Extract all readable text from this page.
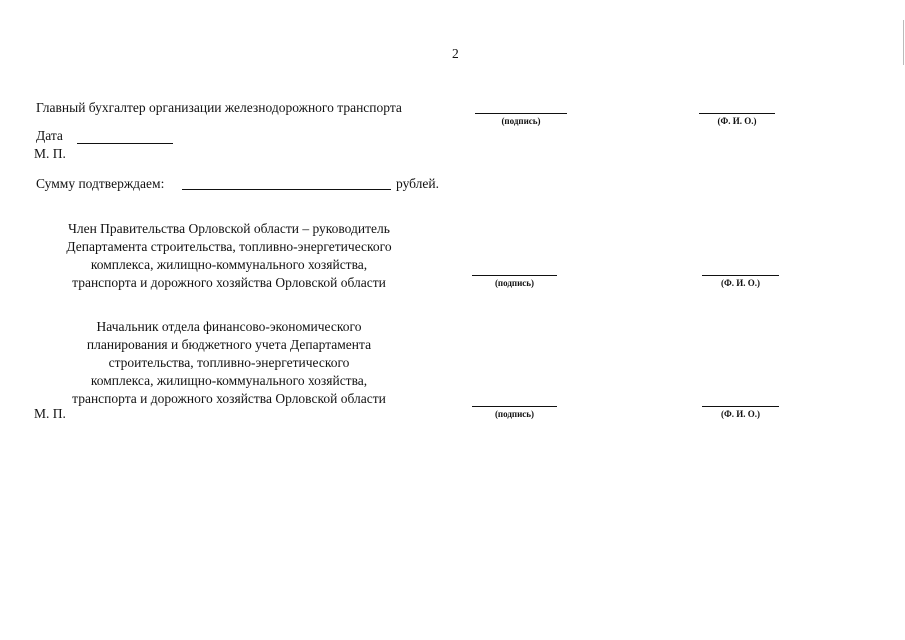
2
Главный бухгалтер организации железнодорожного транспорта
(подпись)	(Ф. И. О.)
Дата
М. П.
Сумму подтверждаем:	рублей.
Член Правительства Орловской области – руководитель
Департамента строительства, топливно-энергетического
комплекса, жилищно-коммунального хозяйства,
транспорта и дорожного хозяйства Орловской области	(подпись)	(Ф. И. О.)
Начальник отдела финансово-экономического
планирования и бюджетного учета Департамента
строительства, топливно-энергетического
комплекса, жилищно-коммунального хозяйства,
транспорта и дорожного хозяйства Орловской области
М. П.	(подпись)	(Ф. И. О.)
